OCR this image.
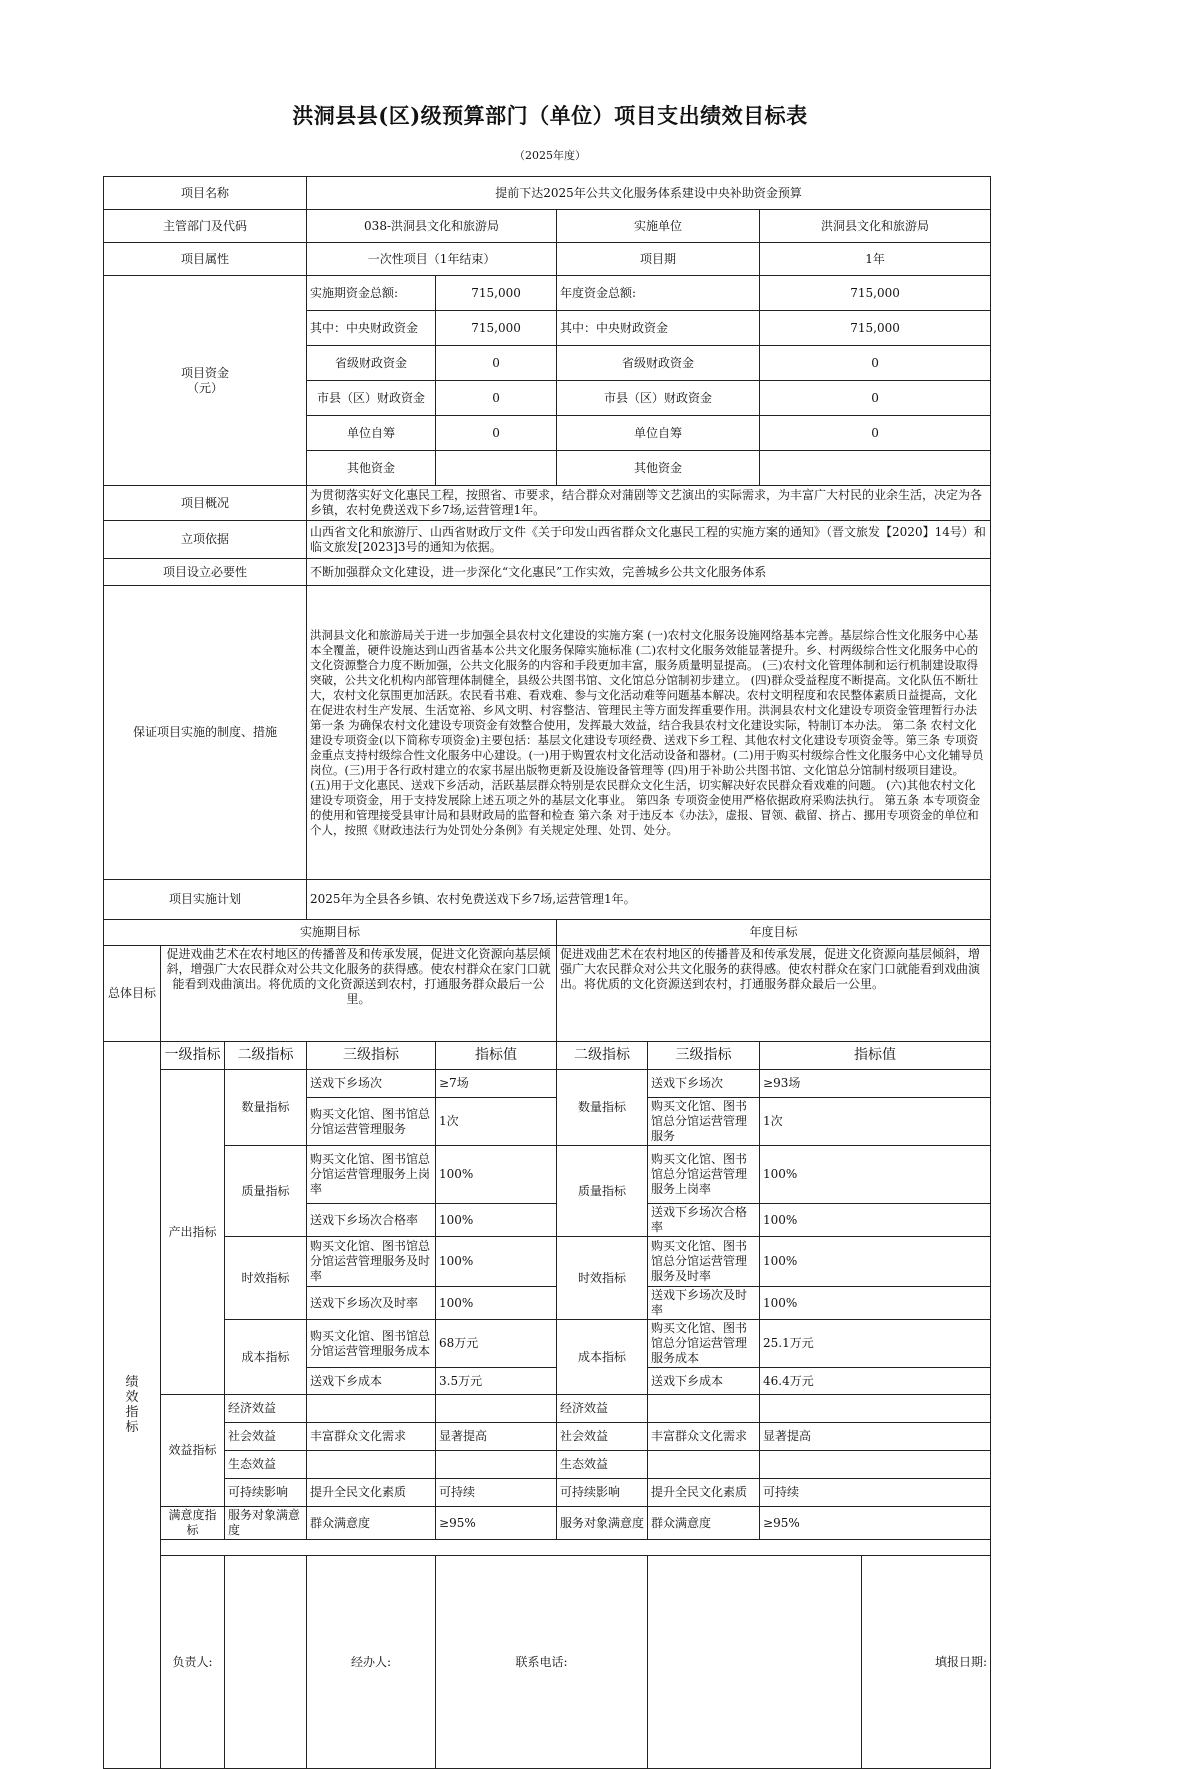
洪洞县县(区)级预算部门（单位）项目支出绩效目标表
（2025年度）
项目名称			提前下达2025年公共文化服务体系建设中央补助资金预算						
主管部门及代码			038-洪洞县文化和旅游局		实施单位		洪洞县文化和旅游局		
项目属性			一次性项目（1年结束）		项目期		1年		
项目资金
（元）			实施期资金总额:	715,000	年度资金总额:		715,000		
			其中：中央财政资金	715,000	其中：中央财政资金		715,000		
			省级财政资金	0	省级财政资金		0		
			市县（区）财政资金	0	市县（区）财政资金		0		
			单位自筹	0	单位自筹		0		
			其他资金		其他资金				
项目概况			为贯彻落实好文化惠民工程，按照省、市要求，结合群众对蒲剧等文艺演出的实际需求，为丰富广大村民的业余生活，决定为各乡镇，农村免费送戏下乡7场,运营管理1年。						
立项依据			山西省文化和旅游厅、山西省财政厅文件《关于印发山西省群众文化惠民工程的实施方案的通知》（晋文旅发【2020】14号）和临文旅发[2023]3号的通知为依据。						
项目设立必要性			不断加强群众文化建设，进一步深化“文化惠民”工作实效，完善城乡公共文化服务体系						
保证项目实施的制度、措施			洪洞县文化和旅游局关于进一步加强全县农村文化建设的实施方案 (一)农村文化服务设施网络基本完善。基层综合性文化服务中心基本全覆盖，硬件设施达到山西省基本公共文化服务保障实施标准 (二)农村文化服务效能显著提升。乡、村两级综合性文化服务中心的文化资源整合力度不断加强，公共文化服务的内容和手段更加丰富，服务质量明显提高。 (三)农村文化管理体制和运行机制建设取得突破，公共文化机构内部管理体制健全，县级公共图书馆、文化馆总分馆制初步建立。 (四)群众受益程度不断提高。文化队伍不断壮大，农村文化氛围更加活跃。农民看书难、看戏难、参与文化活动难等问题基本解决。农村文明程度和农民整体素质日益提高，文化在促进农村生产发展、生活宽裕、乡风文明、村容整洁、管理民主等方面发挥重要作用。洪洞县农村文化建设专项资金管理暂行办法 第一条 为确保农村文化建设专项资金有效整合使用，发挥最大效益，结合我县农村文化建设实际，特制订本办法。 第二条 农村文化建设专项资金(以下简称专项资金)主要包括：基层文化建设专项经费、送戏下乡工程、其他农村文化建设专项资金等。第三条 专项资金重点支持村级综合性文化服务中心建设。(一)用于购置农村文化活动设备和器材。(二)用于购买村级综合性文化服务中心文化辅导员岗位。(三)用于各行政村建立的农家书屋出版物更新及设施设备管理等 (四)用于补助公共图书馆、文化馆总分馆制村级项目建设。 (五)用于文化惠民、送戏下乡活动，活跃基层群众特别是农民群众文化生活，切实解决好农民群众看戏难的问题。 (六)其他农村文化建设专项资金，用于支持发展除上述五项之外的基层文化事业。 第四条 专项资金使用严格依据政府采购法执行。 第五条 本专项资金的使用和管理接受县审计局和县财政局的监督和检查 第六条 对于违反本《办法》，虚报、冒领、截留、挤占、挪用专项资金的单位和个人，按照《财政违法行为处罚处分条例》有关规定处理、处罚、处分。						
项目实施计划			2025年为全县各乡镇、农村免费送戏下乡7场,运营管理1年。						
实施期目标					年度目标				
总体目标	促进戏曲艺术在农村地区的传播普及和传承发展，促进文化资源向基层倾斜，增强广大农民群众对公共文化服务的获得感。使农村群众在家门口就能看到戏曲演出。将优质的文化资源送到农村，打通服务群众最后一公里。				促进戏曲艺术在农村地区的传播普及和传承发展，促进文化资源向基层倾斜，增强广大农民群众对公共文化服务的获得感。使农村群众在家门口就能看到戏曲演出。将优质的文化资源送到农村，打通服务群众最后一公里。				

绩效指标	一级指标	二级指标	三级指标	指标值	二级指标	三级指标	指标值		
	产出指标	数量指标	送戏下乡场次	≥7场	数量指标	送戏下乡场次	≥93场		
			购买文化馆、图书馆总分馆运营管理服务	1次		购买文化馆、图书馆总分馆运营管理服务	1次		
		质量指标	购买文化馆、图书馆总分馆运营管理服务上岗率	100%	质量指标	购买文化馆、图书馆总分馆运营管理服务上岗率	100%		
			送戏下乡场次合格率	100%		送戏下乡场次合格率	100%		
		时效指标	购买文化馆、图书馆总分馆运营管理服务及时率	100%	时效指标	购买文化馆、图书馆总分馆运营管理服务及时率	100%		
			送戏下乡场次及时率	100%		送戏下乡场次及时率	100%		
		成本指标	购买文化馆、图书馆总分馆运营管理服务成本	68万元	成本指标	购买文化馆、图书馆总分馆运营管理服务成本	25.1万元		
			送戏下乡成本	3.5万元		送戏下乡成本	46.4万元		
	效益指标	经济效益			经济效益				
		社会效益	丰富群众文化需求	显著提高	社会效益	丰富群众文化需求	显著提高		
		生态效益			生态效益				
		可持续影响	提升全民文化素质	可持续	可持续影响	提升全民文化素质	可持续		
	满意度指标	服务对象满意度	群众满意度	≥95%	服务对象满意度	群众满意度	≥95%		

	负责人:		经办人:	联系电话:				填报日期:	
